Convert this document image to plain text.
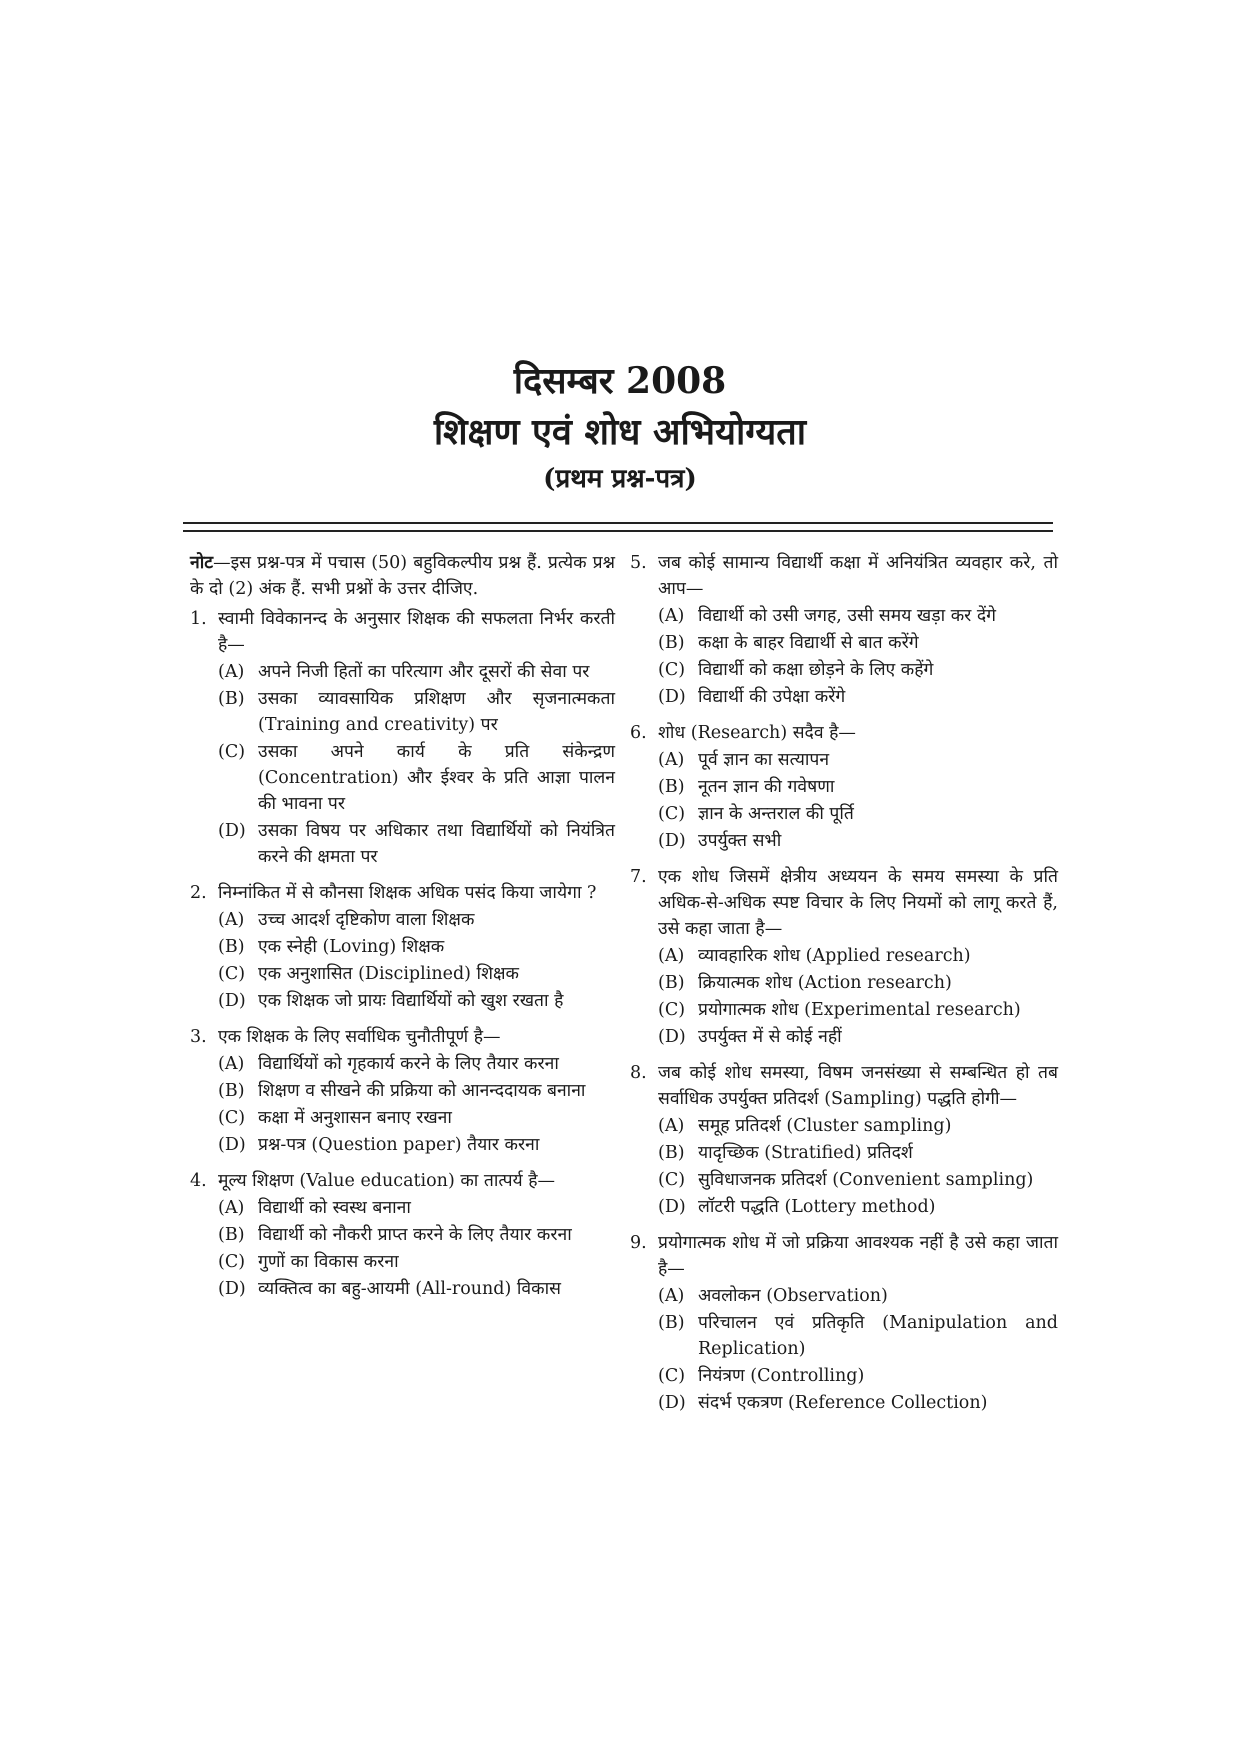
दिसम्बर 2008
शिक्षण एवं शोध अभियोग्यता
(प्रथम प्रश्न-पत्र)
नोट—इस प्रश्न-पत्र में पचास (50) बहुविकल्पीय प्रश्न हैं. प्रत्येक प्रश्न के दो (2) अंक हैं. सभी प्रश्नों के उत्तर दीजिए.
1. स्वामी विवेकानन्द के अनुसार शिक्षक की सफलता निर्भर करती है—
(A) अपने निजी हितों का परित्याग और दूसरों की सेवा पर
(B) उसका व्यावसायिक प्रशिक्षण और सृजनात्मकता (Training and creativity) पर
(C) उसका अपने कार्य के प्रति संकेन्द्रण (Concentration) और ईश्वर के प्रति आज्ञा पालन की भावना पर
(D) उसका विषय पर अधिकार तथा विद्यार्थियों को नियंत्रित करने की क्षमता पर
2. निम्नांकित में से कौनसा शिक्षक अधिक पसंद किया जायेगा ?
(A) उच्च आदर्श दृष्टिकोण वाला शिक्षक
(B) एक स्नेही (Loving) शिक्षक
(C) एक अनुशासित (Disciplined) शिक्षक
(D) एक शिक्षक जो प्रायः विद्यार्थियों को खुश रखता है
3. एक शिक्षक के लिए सर्वाधिक चुनौतीपूर्ण है—
(A) विद्यार्थियों को गृहकार्य करने के लिए तैयार करना
(B) शिक्षण व सीखने की प्रक्रिया को आनन्ददायक बनाना
(C) कक्षा में अनुशासन बनाए रखना
(D) प्रश्न-पत्र (Question paper) तैयार करना
4. मूल्य शिक्षण (Value education) का तात्पर्य है—
(A) विद्यार्थी को स्वस्थ बनाना
(B) विद्यार्थी को नौकरी प्राप्त करने के लिए तैयार करना
(C) गुणों का विकास करना
(D) व्यक्तित्व का बहु-आयमी (All-round) विकास
5. जब कोई सामान्य विद्यार्थी कक्षा में अनियंत्रित व्यवहार करे, तो आप—
(A) विद्यार्थी को उसी जगह, उसी समय खड़ा कर देंगे
(B) कक्षा के बाहर विद्यार्थी से बात करेंगे
(C) विद्यार्थी को कक्षा छोड़ने के लिए कहेंगे
(D) विद्यार्थी की उपेक्षा करेंगे
6. शोध (Research) सदैव है—
(A) पूर्व ज्ञान का सत्यापन
(B) नूतन ज्ञान की गवेषणा
(C) ज्ञान के अन्तराल की पूर्ति
(D) उपर्युक्त सभी
7. एक शोध जिसमें क्षेत्रीय अध्ययन के समय समस्या के प्रति अधिक-से-अधिक स्पष्ट विचार के लिए नियमों को लागू करते हैं, उसे कहा जाता है—
(A) व्यावहारिक शोध (Applied research)
(B) क्रियात्मक शोध (Action research)
(C) प्रयोगात्मक शोध (Experimental research)
(D) उपर्युक्त में से कोई नहीं
8. जब कोई शोध समस्या, विषम जनसंख्या से सम्बन्धित हो तब सर्वाधिक उपर्युक्त प्रतिदर्श (Sampling) पद्धति होगी—
(A) समूह प्रतिदर्श (Cluster sampling)
(B) यादृच्छिक (Stratified) प्रतिदर्श
(C) सुविधाजनक प्रतिदर्श (Convenient sampling)
(D) लॉटरी पद्धति (Lottery method)
9. प्रयोगात्मक शोध में जो प्रक्रिया आवश्यक नहीं है उसे कहा जाता है—
(A) अवलोकन (Observation)
(B) परिचालन एवं प्रतिकृति (Manipulation and Replication)
(C) नियंत्रण (Controlling)
(D) संदर्भ एकत्रण (Reference Collection)
